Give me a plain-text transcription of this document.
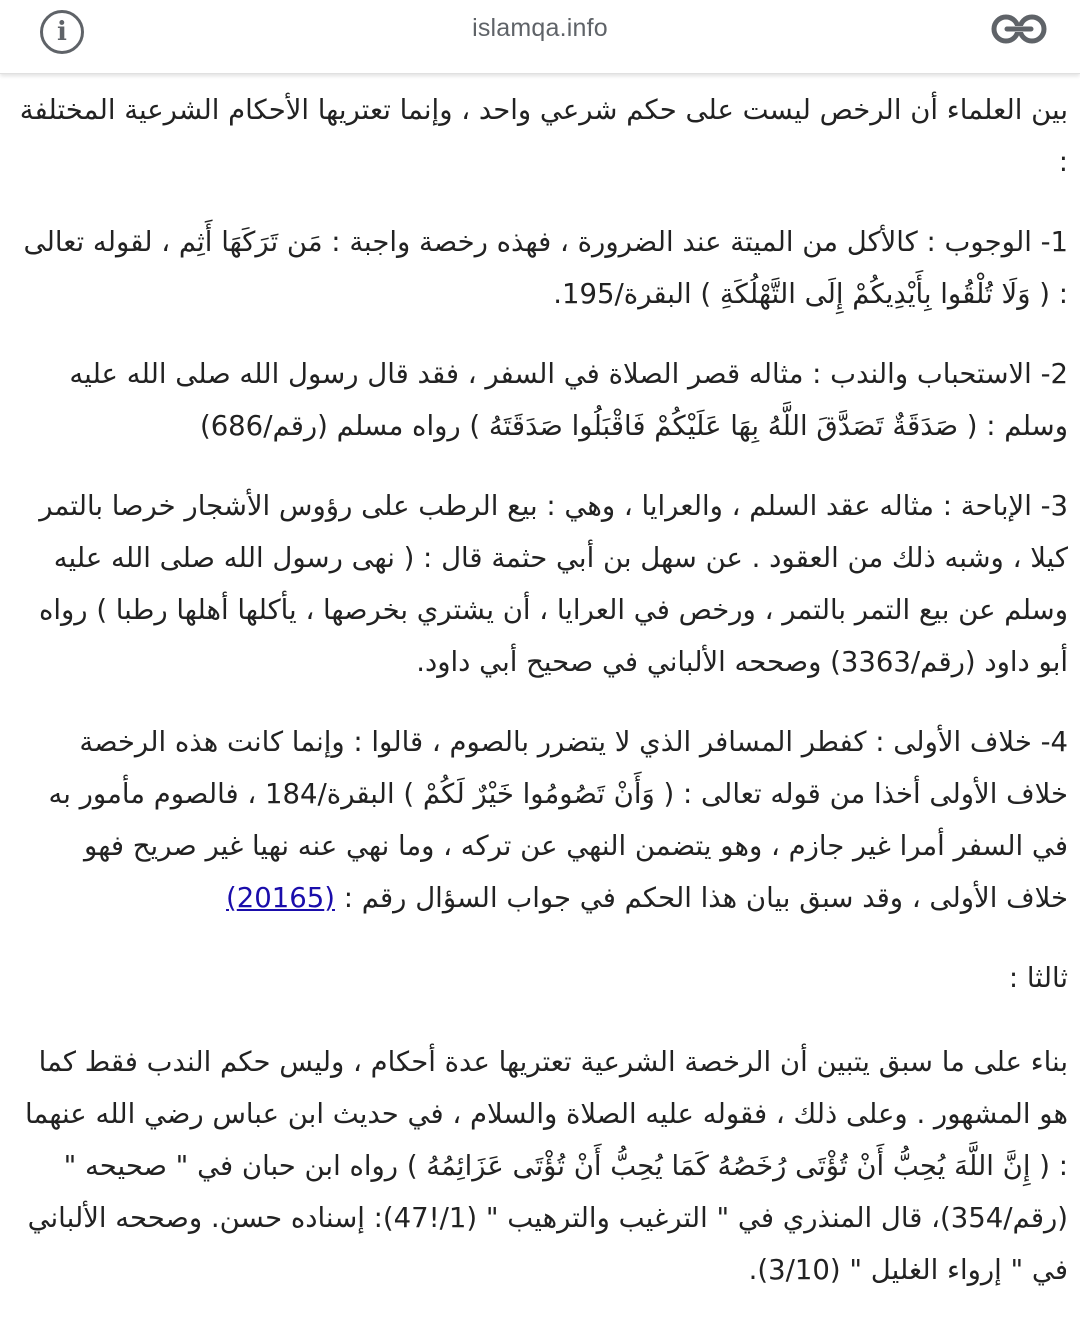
i	islamqa.info

بين العلماء أن الرخص ليست على حكم شرعي واحد ، وإنما تعتريها الأحكام الشرعية المختلفة :

1- الوجوب : كالأكل من الميتة عند الضرورة ، فهذه رخصة واجبة : مَن تَرَكَهَا أَثِم ، لقوله تعالى : ( وَلَا تُلْقُوا بِأَيْدِيكُمْ إِلَى التَّهْلُكَةِ ) البقرة/195.

2- الاستحباب والندب : مثاله قصر الصلاة في السفر ، فقد قال رسول الله صلى الله عليه وسلم : ( صَدَقَةٌ تَصَدَّقَ اللَّهُ بِهَا عَلَيْكُمْ فَاقْبَلُوا صَدَقَتَهُ ) رواه مسلم (رقم/686)

3- الإباحة : مثاله عقد السلم ، والعرايا ، وهي : بيع الرطب على رؤوس الأشجار خرصا بالتمر كيلا ، وشبه ذلك من العقود . عن سهل بن أبي حثمة قال : ( نهى رسول الله صلى الله عليه وسلم عن بيع التمر بالتمر ، ورخص في العرايا ، أن يشتري بخرصها ، يأكلها أهلها رطبا ) رواه أبو داود (رقم/3363) وصححه الألباني في صحيح أبي داود.

4- خلاف الأولى : كفطر المسافر الذي لا يتضرر بالصوم ، قالوا : وإنما كانت هذه الرخصة خلاف الأولى أخذا من قوله تعالى : ( وَأَنْ تَصُومُوا خَيْرٌ لَكُمْ ) البقرة/184 ، فالصوم مأمور به في السفر أمرا غير جازم ، وهو يتضمن النهي عن تركه ، وما نهي عنه نهيا غير صريح فهو خلاف الأولى ، وقد سبق بيان هذا الحكم في جواب السؤال رقم : (20165)

ثالثا :

بناء على ما سبق يتبين أن الرخصة الشرعية تعتريها عدة أحكام ، وليس حكم الندب فقط كما هو المشهور . وعلى ذلك ، فقوله عليه الصلاة والسلام ، في حديث ابن عباس رضي الله عنهما : ( إِنَّ اللَّهَ يُحِبُّ أَنْ تُؤْتَى رُخَصُهُ كَمَا يُحِبُّ أَنْ تُؤْتَى عَزَائِمُهُ ) رواه ابن حبان في " صحيحه " (رقم/354)، قال المنذري في " الترغيب والترهيب " (1/!47): إسناده حسن. وصححه الألباني في " إرواء الغليل " (3/10).
